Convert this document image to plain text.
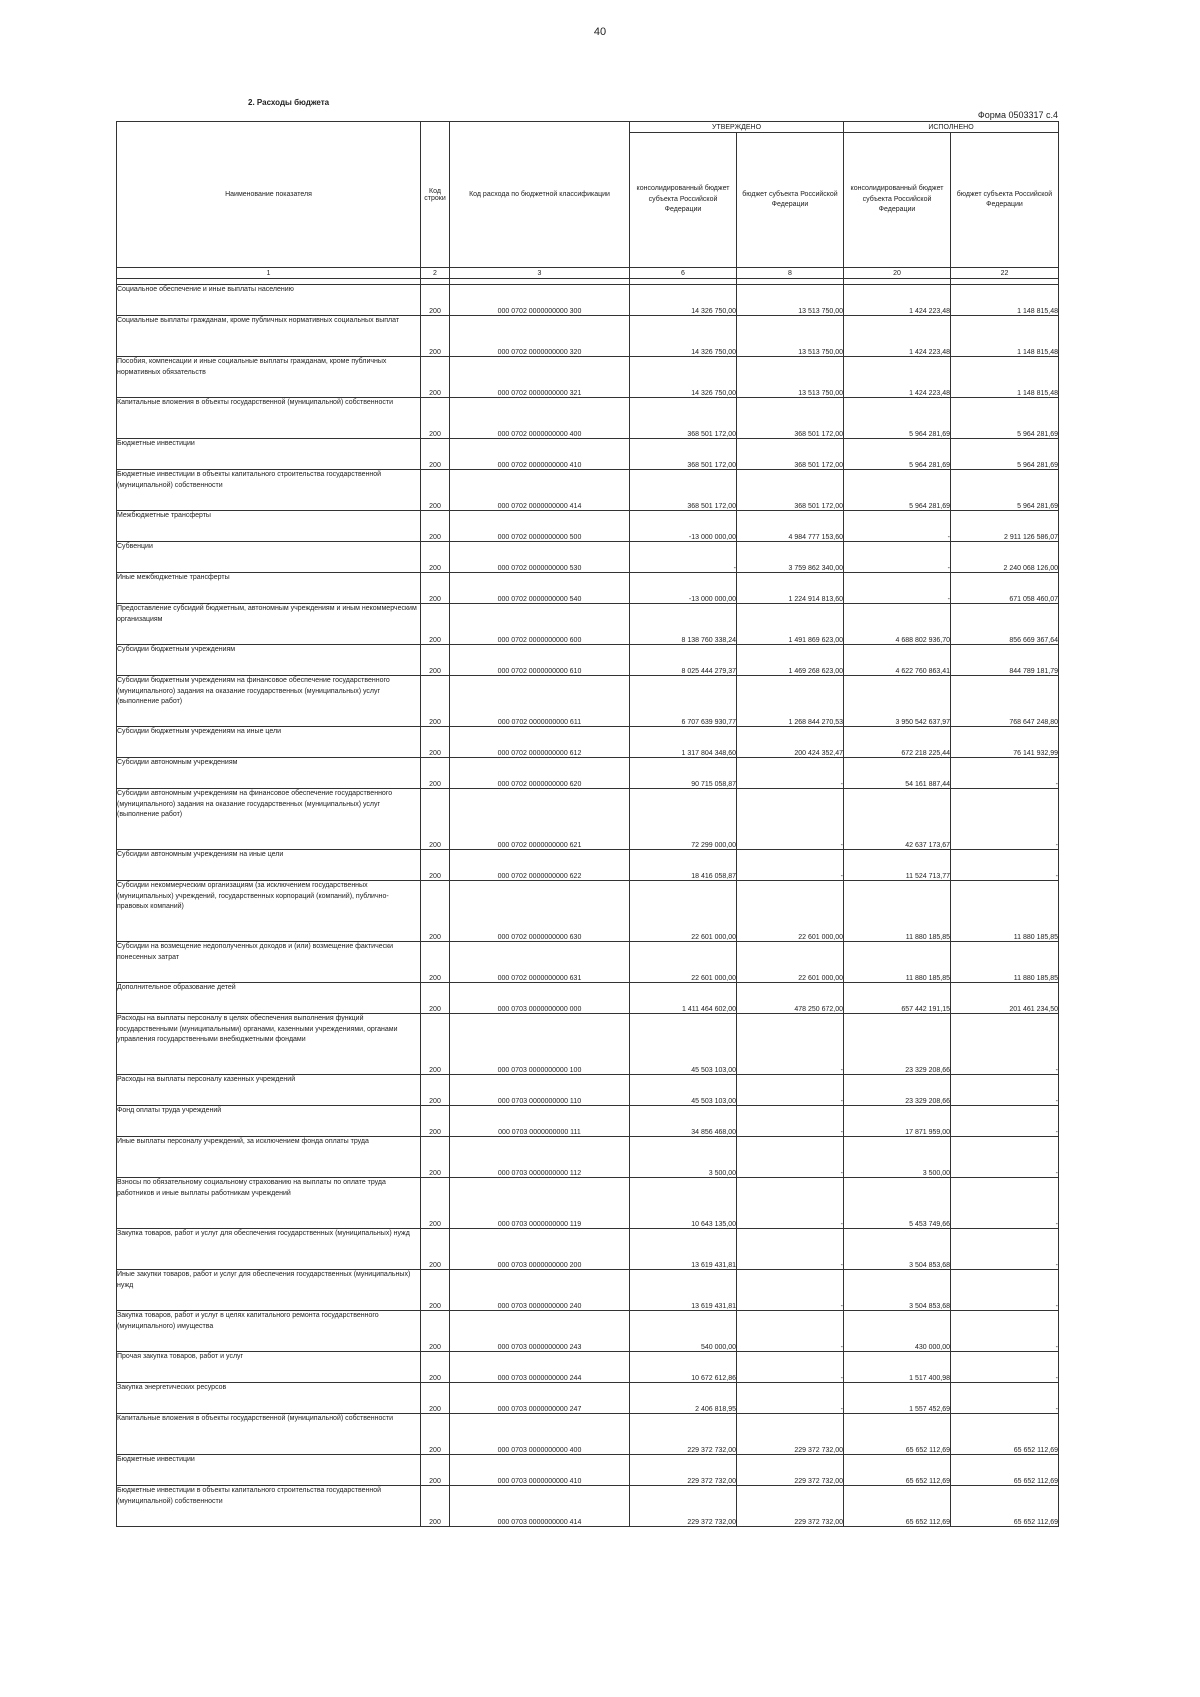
40
2. Расходы бюджета
Форма 0503317 с.4
Наименование показателя	Код строки	Код расхода по бюджетной классификации	УТВЕРЖДЕНО		ИСПОЛНЕНО	
			консолидированный бюджет субъекта Российской Федерации	бюджет субъекта Российской Федерации	консолидированный бюджет субъекта Российской Федерации	бюджет субъекта Российской Федерации
1	2	3	6	8	20	22

Социальное обеспечение и иные выплаты населению	200	000 0702 0000000000 300	14 326 750,00	13 513 750,00	1 424 223,48	1 148 815,48
Социальные выплаты гражданам, кроме публичных нормативных социальных выплат	200	000 0702 0000000000 320	14 326 750,00	13 513 750,00	1 424 223,48	1 148 815,48
Пособия, компенсации и иные социальные выплаты гражданам, кроме публичных нормативных обязательств	200	000 0702 0000000000 321	14 326 750,00	13 513 750,00	1 424 223,48	1 148 815,48
Капитальные вложения в объекты государственной (муниципальной) собственности	200	000 0702 0000000000 400	368 501 172,00	368 501 172,00	5 964 281,69	5 964 281,69
Бюджетные инвестиции	200	000 0702 0000000000 410	368 501 172,00	368 501 172,00	5 964 281,69	5 964 281,69
Бюджетные инвестиции в объекты капитального строительства государственной (муниципальной) собственности	200	000 0702 0000000000 414	368 501 172,00	368 501 172,00	5 964 281,69	5 964 281,69
Межбюджетные трансферты	200	000 0702 0000000000 500	-13 000 000,00	4 984 777 153,60	-	2 911 126 586,07
Субвенции	200	000 0702 0000000000 530	-	3 759 862 340,00	-	2 240 068 126,00
Иные межбюджетные трансферты	200	000 0702 0000000000 540	-13 000 000,00	1 224 914 813,60	-	671 058 460,07
Предоставление субсидий бюджетным, автономным учреждениям и иным некоммерческим организациям	200	000 0702 0000000000 600	8 138 760 338,24	1 491 869 623,00	4 688 802 936,70	856 669 367,64
Субсидии бюджетным учреждениям	200	000 0702 0000000000 610	8 025 444 279,37	1 469 268 623,00	4 622 760 863,41	844 789 181,79
Субсидии бюджетным учреждениям на финансовое обеспечение государственного (муниципального) задания на оказание государственных (муниципальных) услуг (выполнение работ)	200	000 0702 0000000000 611	6 707 639 930,77	1 268 844 270,53	3 950 542 637,97	768 647 248,80
Субсидии бюджетным учреждениям на иные цели	200	000 0702 0000000000 612	1 317 804 348,60	200 424 352,47	672 218 225,44	76 141 932,99
Субсидии автономным учреждениям	200	000 0702 0000000000 620	90 715 058,87	-	54 161 887,44	-
Субсидии автономным учреждениям на финансовое обеспечение государственного (муниципального) задания на оказание государственных (муниципальных) услуг (выполнение работ)	200	000 0702 0000000000 621	72 299 000,00	-	42 637 173,67	-
Субсидии автономным учреждениям на иные цели	200	000 0702 0000000000 622	18 416 058,87	-	11 524 713,77	-
Субсидии некоммерческим организациям (за исключением государственных (муниципальных) учреждений, государственных корпораций (компаний), публично-правовых компаний)	200	000 0702 0000000000 630	22 601 000,00	22 601 000,00	11 880 185,85	11 880 185,85
Субсидии на возмещение недополученных доходов и (или) возмещение фактически понесенных затрат	200	000 0702 0000000000 631	22 601 000,00	22 601 000,00	11 880 185,85	11 880 185,85
Дополнительное образование детей	200	000 0703 0000000000 000	1 411 464 602,00	478 250 672,00	657 442 191,15	201 461 234,50
Расходы на выплаты персоналу в целях обеспечения выполнения функций государственными (муниципальными) органами, казенными учреждениями, органами управления государственными внебюджетными фондами	200	000 0703 0000000000 100	45 503 103,00	-	23 329 208,66	-
Расходы на выплаты персоналу казенных учреждений	200	000 0703 0000000000 110	45 503 103,00	-	23 329 208,66	-
Фонд оплаты труда учреждений	200	000 0703 0000000000 111	34 856 468,00	-	17 871 959,00	-
Иные выплаты персоналу учреждений, за исключением фонда оплаты труда	200	000 0703 0000000000 112	3 500,00	-	3 500,00	-
Взносы по обязательному социальному страхованию на выплаты по оплате труда работников и иные выплаты работникам учреждений	200	000 0703 0000000000 119	10 643 135,00	-	5 453 749,66	-
Закупка товаров, работ и услуг для обеспечения государственных (муниципальных) нужд	200	000 0703 0000000000 200	13 619 431,81	-	3 504 853,68	-
Иные закупки товаров, работ и услуг для обеспечения государственных (муниципальных) нужд	200	000 0703 0000000000 240	13 619 431,81	-	3 504 853,68	-
Закупка товаров, работ и услуг в целях капитального ремонта государственного (муниципального) имущества	200	000 0703 0000000000 243	540 000,00	-	430 000,00	-
Прочая закупка товаров, работ и услуг	200	000 0703 0000000000 244	10 672 612,86	-	1 517 400,98	-
Закупка энергетических ресурсов	200	000 0703 0000000000 247	2 406 818,95	-	1 557 452,69	-
Капитальные вложения в объекты государственной (муниципальной) собственности	200	000 0703 0000000000 400	229 372 732,00	229 372 732,00	65 652 112,69	65 652 112,69
Бюджетные инвестиции	200	000 0703 0000000000 410	229 372 732,00	229 372 732,00	65 652 112,69	65 652 112,69
Бюджетные инвестиции в объекты капитального строительства государственной (муниципальной) собственности	200	000 0703 0000000000 414	229 372 732,00	229 372 732,00	65 652 112,69	65 652 112,69
